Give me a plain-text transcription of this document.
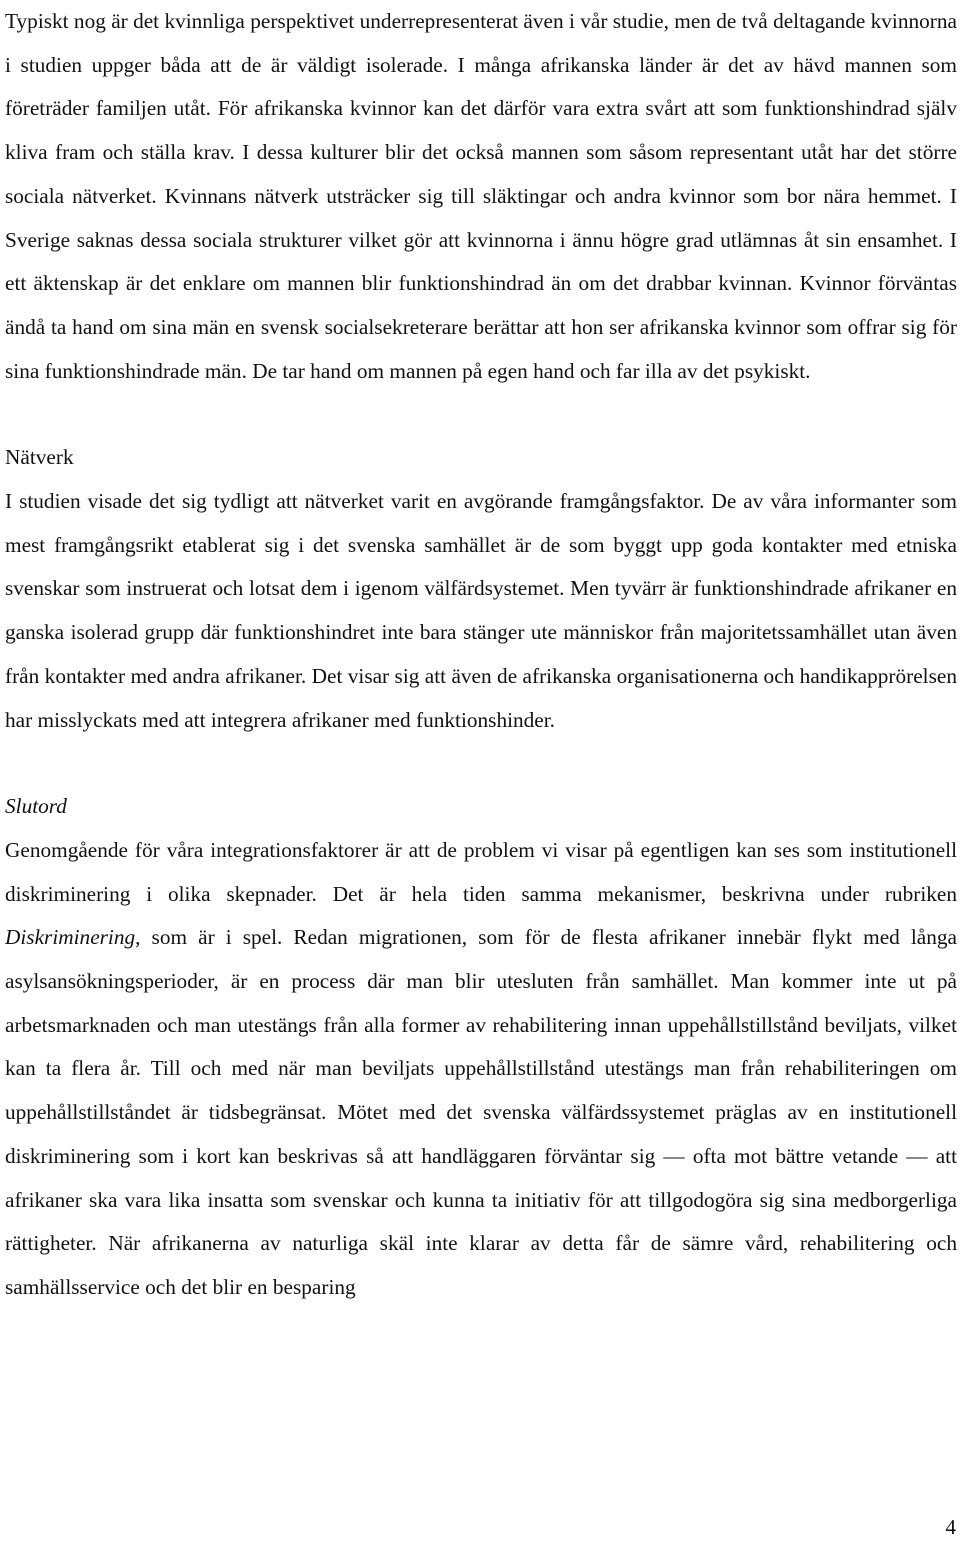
Typiskt nog är det kvinnliga perspektivet underrepresenterat även i vår studie, men de två deltagande kvinnorna i studien uppger båda att de är väldigt isolerade. I många afrikanska länder är det av hävd mannen som företräder familjen utåt. För afrikanska kvinnor kan det därför vara extra svårt att som funktionshindrad själv kliva fram och ställa krav. I dessa kulturer blir det också mannen som såsom representant utåt har det större sociala nätverket. Kvinnans nätverk utsträcker sig till släktingar och andra kvinnor som bor nära hemmet. I Sverige saknas dessa sociala strukturer vilket gör att kvinnorna i ännu högre grad utlämnas åt sin ensamhet. I ett äktenskap är det enklare om mannen blir funktionshindrad än om det drabbar kvinnan. Kvinnor förväntas ändå ta hand om sina män en svensk socialsekreterare berättar att hon ser afrikanska kvinnor som offrar sig för sina funktionshindrade män. De tar hand om mannen på egen hand och far illa av det psykiskt.

Nätverk

I studien visade det sig tydligt att nätverket varit en avgörande framgångsfaktor. De av våra informanter som mest framgångsrikt etablerat sig i det svenska samhället är de som byggt upp goda kontakter med etniska svenskar som instruerat och lotsat dem i igenom välfärdsystemet. Men tyvärr är funktionshindrade afrikaner en ganska isolerad grupp där funktionshindret inte bara stänger ute människor från majoritetssamhället utan även från kontakter med andra afrikaner. Det visar sig att även de afrikanska organisationerna och handikapprörelsen har misslyckats med att integrera afrikaner med funktionshinder.

Slutord

Genomgående för våra integrationsfaktorer är att de problem vi visar på egentligen kan ses som institutionell diskriminering i olika skepnader. Det är hela tiden samma mekanismer, beskrivna under rubriken Diskriminering, som är i spel. Redan migrationen, som för de flesta afrikaner innebär flykt med långa asylsansökningsperioder, är en process där man blir utesluten från samhället. Man kommer inte ut på arbetsmarknaden och man utestängs från alla former av rehabilitering innan uppehållstillstånd beviljats, vilket kan ta flera år. Till och med när man beviljats uppehållstillstånd utestängs man från rehabiliteringen om uppehållstillståndet är tidsbegränsat. Mötet med det svenska välfärdssystemet präglas av en institutionell diskriminering som i kort kan beskrivas så att handläggaren förväntar sig — ofta mot bättre vetande — att afrikaner ska vara lika insatta som svenskar och kunna ta initiativ för att tillgodogöra sig sina medborgerliga rättigheter. När afrikanerna av naturliga skäl inte klarar av detta får de sämre vård, rehabilitering och samhällsservice och det blir en besparing

4
